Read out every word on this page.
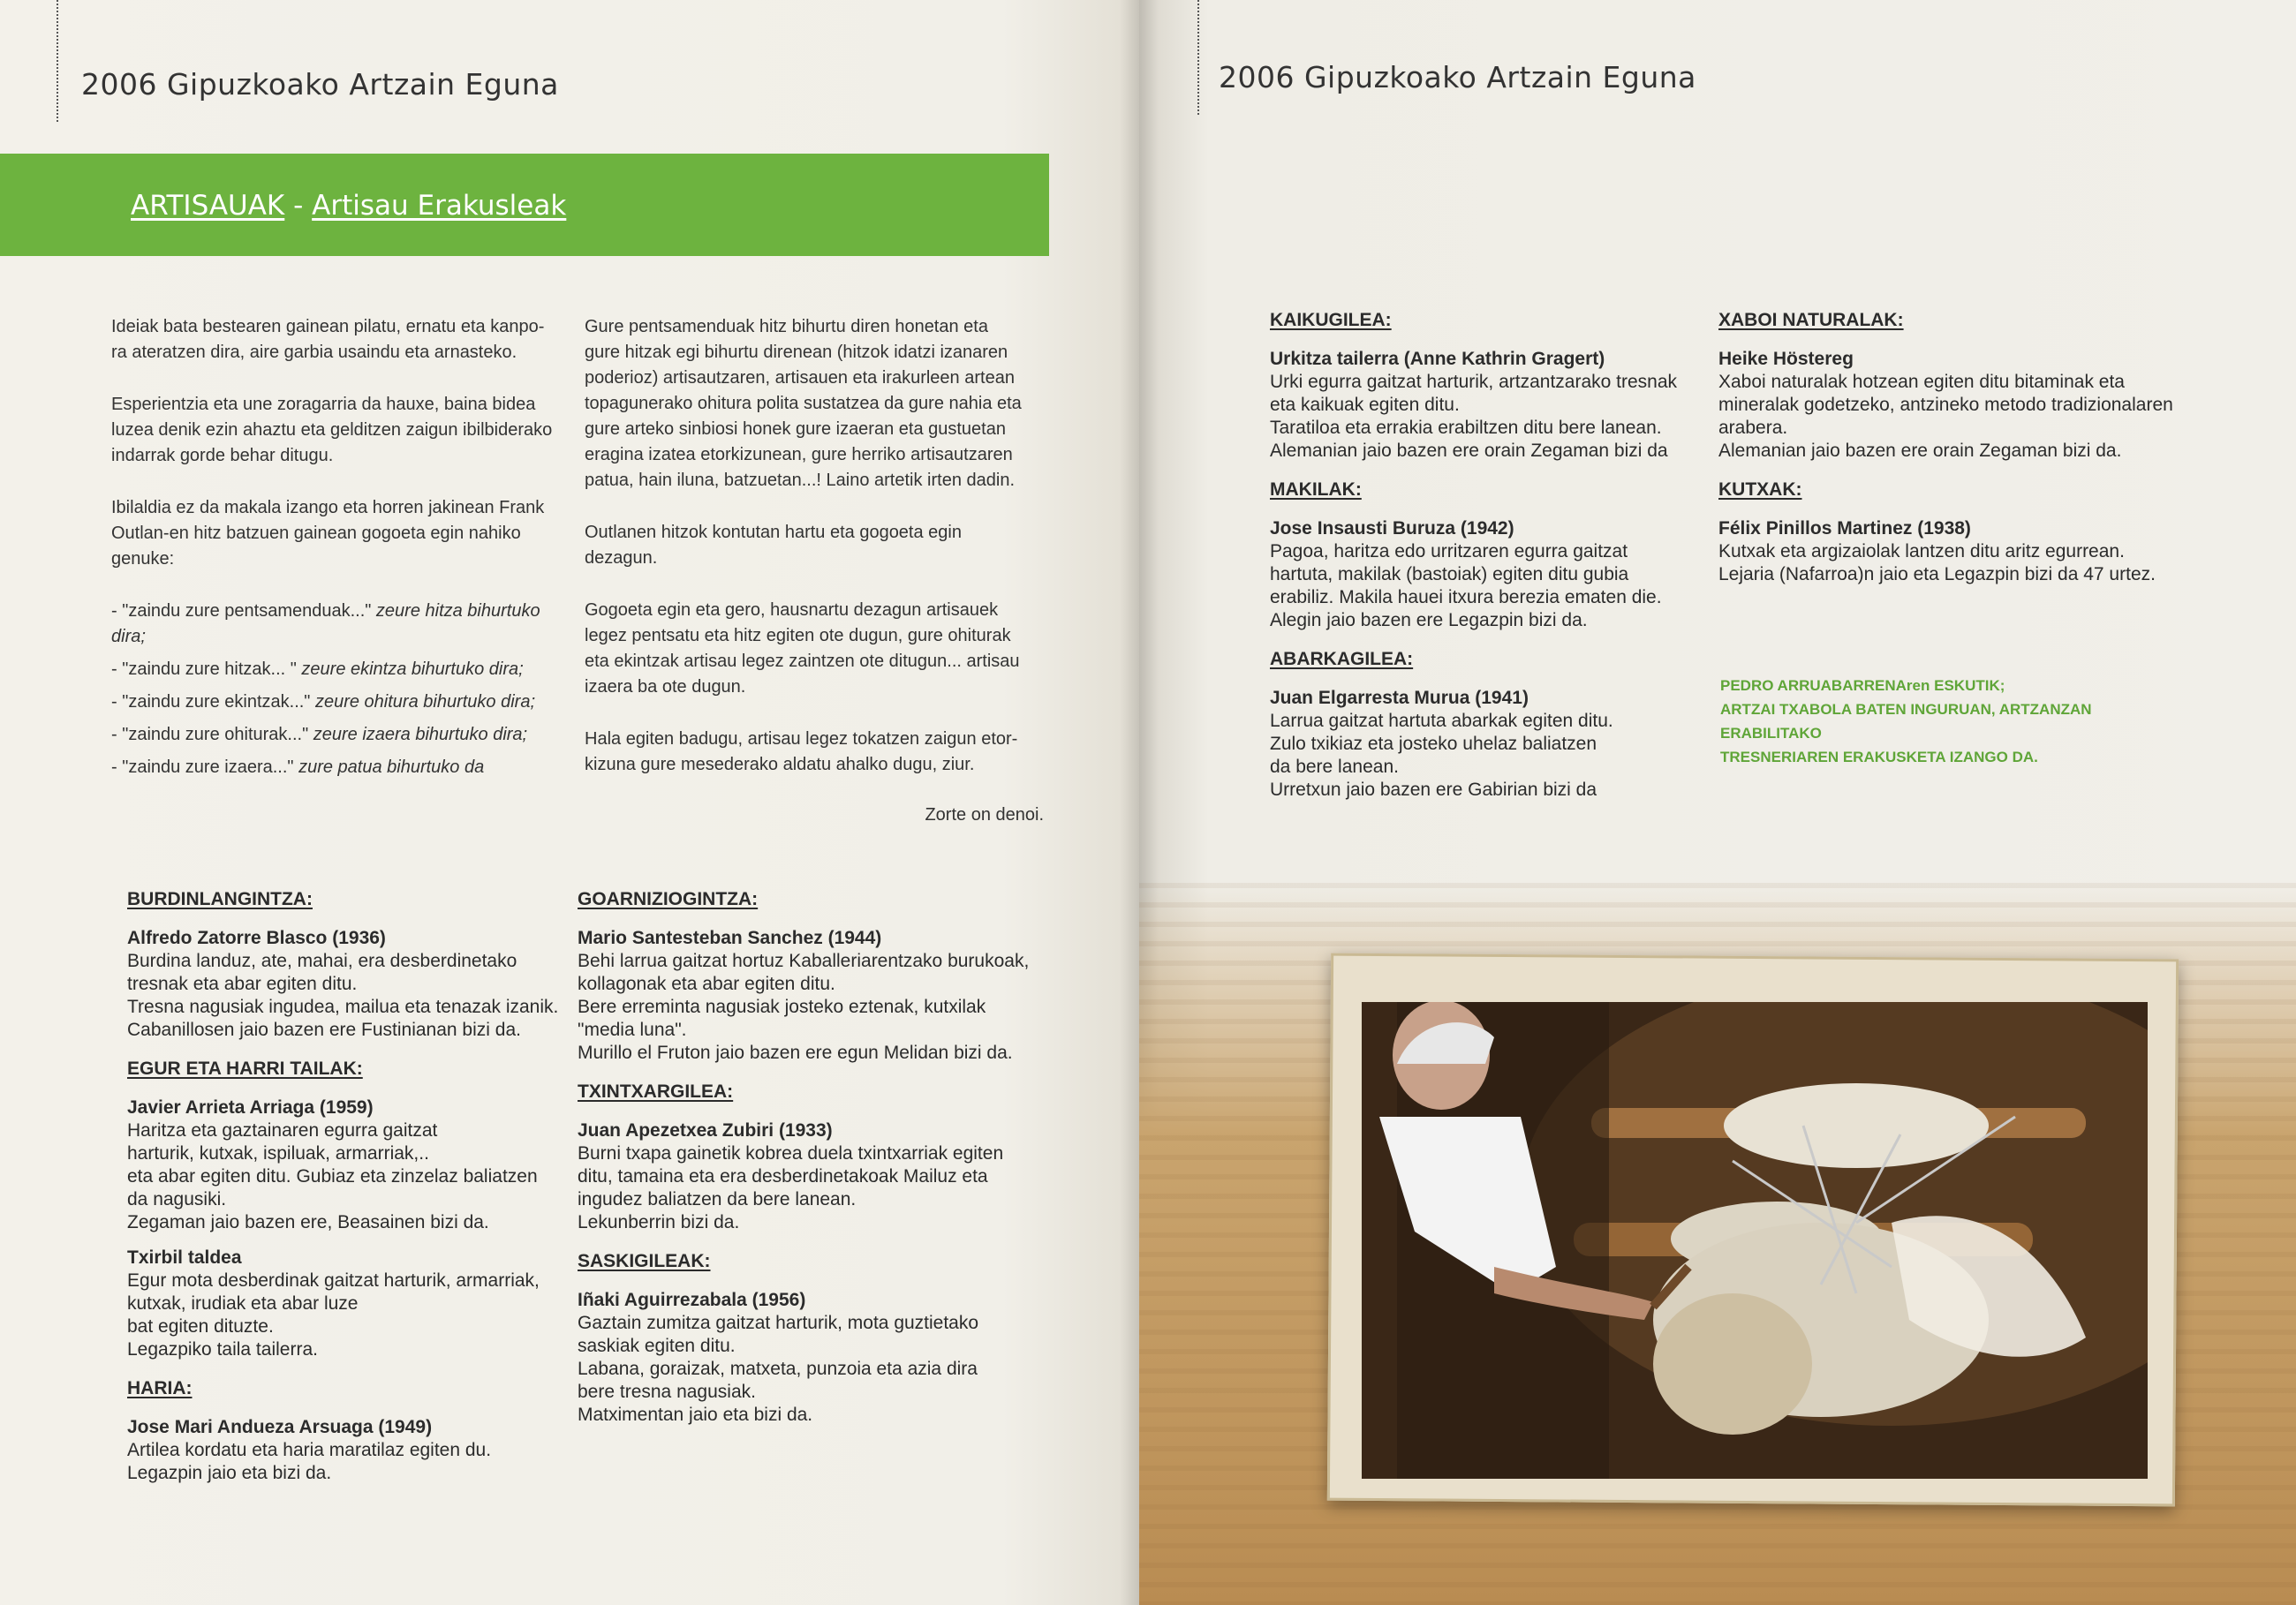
2006 Gipuzkoako Artzain Eguna
ARTISAUAK - Artisau Erakusleak

Ideiak bata bestearen gainean pilatu, ernatu eta kanpo-
ra ateratzen dira, aire garbia usaindu eta arnasteko.

Esperientzia eta une zoragarria da hauxe, baina bidea
luzea denik ezin ahaztu eta gelditzen zaigun ibilbiderako
indarrak gorde behar ditugu.

Ibilaldia ez da makala izango eta horren jakinean Frank
Outlan-en hitz batzuen gainean gogoeta egin nahiko
genuke:

- "zaindu zure pentsamenduak..." zeure hitza bihurtuko dira;
- "zaindu zure hitzak... " zeure ekintza bihurtuko dira;
- "zaindu zure ekintzak..." zeure ohitura bihurtuko dira;
- "zaindu zure ohiturak..." zeure izaera bihurtuko dira;
- "zaindu zure izaera..." zure patua bihurtuko da

Gure pentsamenduak hitz bihurtu diren honetan eta
gure hitzak egi bihurtu direnean (hitzok idatzi izanaren
poderioz) artisautzaren, artisauen eta irakurleen artean
topagunerako ohitura polita sustatzea da gure nahia eta
gure arteko sinbiosi honek gure izaeran eta gustuetan
eragina izatea etorkizunean, gure herriko artisautzaren
patua, hain iluna, batzuetan...! Laino artetik irten dadin.

Outlanen hitzok kontutan hartu eta gogoeta egin
dezagun.

Gogoeta egin eta gero, hausnartu dezagun artisauek
legez pentsatu eta hitz egiten ote dugun, gure ohiturak
eta ekintzak artisau legez zaintzen ote ditugun... artisau
izaera ba ote dugun.

Hala egiten badugu, artisau legez tokatzen zaigun etor-
kizuna gure mesederako aldatu ahalko dugu, ziur.

Zorte on denoi.
BURDINLANGINTZA:
Alfredo Zatorre Blasco (1936)
Burdina landuz, ate, mahai, era desberdinetako
tresnak eta abar egiten ditu.
Tresna nagusiak ingudea, mailua eta tenazak izanik.
Cabanillosen jaio bazen ere Fustinianan bizi da.
EGUR ETA HARRI TAILAK:
Javier Arrieta Arriaga (1959)
Haritza eta gaztainaren egurra gaitzat
harturik, kutxak, ispiluak, armarriak,..
eta abar egiten ditu. Gubiaz eta zinzelaz baliatzen
da nagusiki.
Zegaman jaio bazen ere, Beasainen bizi da.
Txirbil taldea
Egur mota desberdinak gaitzat harturik, armarriak,
kutxak, irudiak eta abar luze
bat egiten dituzte.
Legazpiko taila tailerra.
HARIA:
Jose Mari Andueza Arsuaga (1949)
Artilea kordatu eta haria maratilaz egiten du.
Legazpin jaio eta bizi da.
GOARNIZIOGINTZA:
Mario Santesteban Sanchez (1944)
Behi larrua gaitzat hortuz Kaballeriarentzako burukoak,
kollagonak eta abar egiten ditu.
Bere erreminta nagusiak josteko eztenak, kutxilak
"media luna".
Murillo el Fruton jaio bazen ere egun Melidan bizi da.
TXINTXARGILEA:
Juan Apezetxea Zubiri (1933)
Burni txapa gainetik kobrea duela txintxarriak egiten
ditu, tamaina eta era desberdinetakoak Mailuz eta
ingudez baliatzen da bere lanean.
Lekunberrin bizi da.
SASKIGILEAK:
Iñaki Aguirrezabala (1956)
Gaztain zumitza gaitzat harturik, mota guztietako
saskiak egiten ditu.
Labana, goraizak, matxeta, punzoia eta azia dira
bere tresna nagusiak.
Matximentan jaio eta bizi da.
2006 Gipuzkoako Artzain Eguna
KAIKUGILEA:
Urkitza tailerra (Anne Kathrin Gragert)
Urki egurra gaitzat harturik, artzantzarako tresnak
eta kaikuak egiten ditu.
Taratiloa eta errakia erabiltzen ditu bere lanean.
Alemanian jaio bazen ere orain Zegaman bizi da
MAKILAK:
Jose Insausti Buruza (1942)
Pagoa, haritza edo urritzaren egurra gaitzat
hartuta, makilak (bastoiak) egiten ditu gubia
erabiliz. Makila hauei itxura berezia ematen die.
Alegin jaio bazen ere Legazpin bizi da.
ABARKAGILEA:
Juan Elgarresta Murua (1941)
Larrua gaitzat hartuta abarkak egiten ditu.
Zulo txikiaz eta josteko uhelaz baliatzen
da bere lanean.
Urretxun jaio bazen ere Gabirian bizi da
XABOI NATURALAK:
Heike Höstereg
Xaboi naturalak hotzean egiten ditu bitaminak eta
mineralak godetzeko, antzineko metodo tradizionalaren
arabera.
Alemanian jaio bazen ere orain Zegaman bizi da.
KUTXAK:
Félix Pinillos Martinez (1938)
Kutxak eta argizaiolak lantzen ditu aritz egurrean.
Lejaria (Nafarroa)n jaio eta Legazpin bizi da 47 urtez.
PEDRO ARRUABARRENAren ESKUTIK;
ARTZAI TXABOLA BATEN INGURUAN, ARTZANZAN ERABILITAKO
TRESNERIAREN ERAKUSKETA IZANGO DA.
